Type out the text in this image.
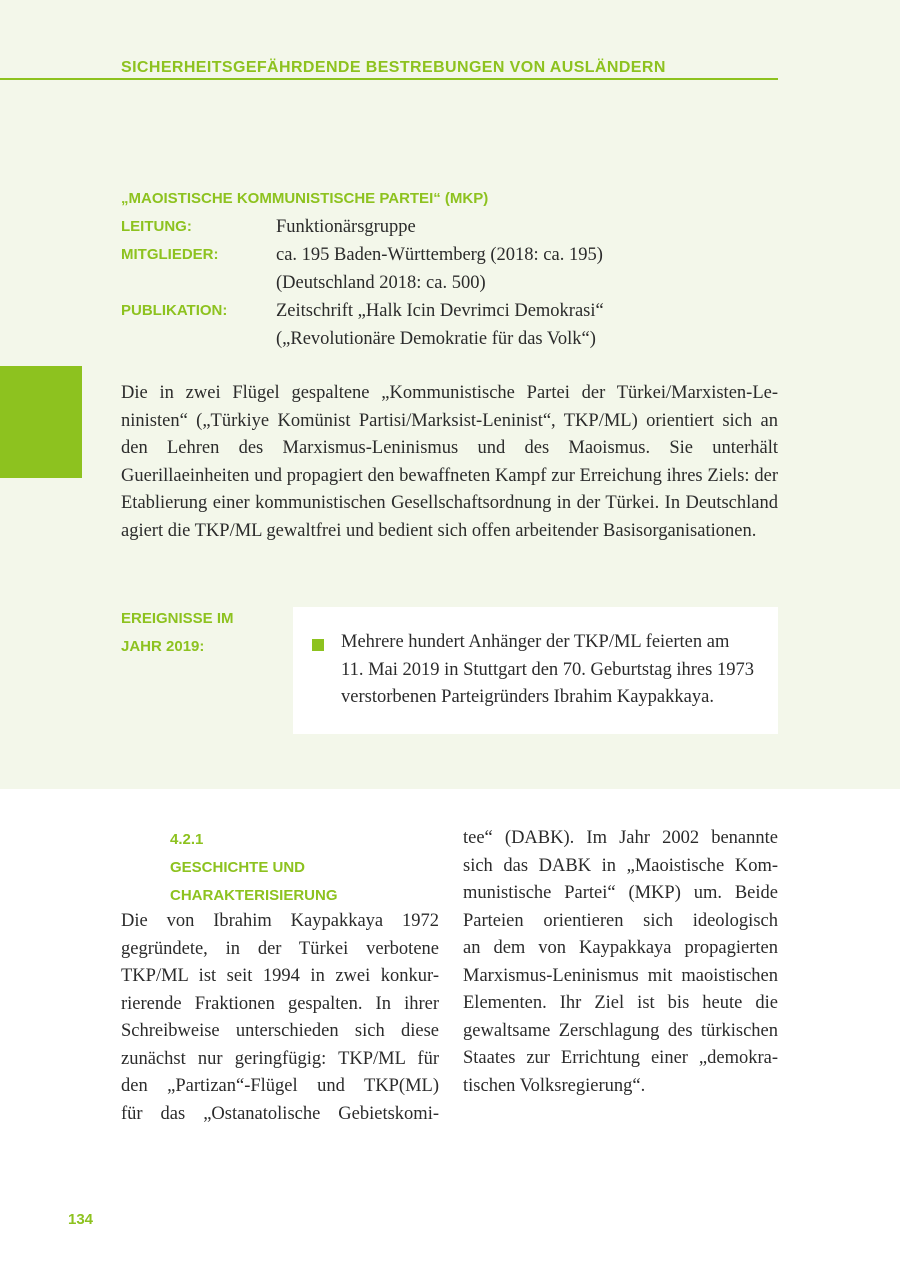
SICHERHEITSGEFÄHRDENDE BESTREBUNGEN VON AUSLÄNDERN
„MAOISTISCHE KOMMUNISTISCHE PARTEI“ (MKP)
LEITUNG:	Funktionärsgruppe
MITGLIEDER:	ca. 195 Baden-Württemberg (2018: ca. 195)
(Deutschland 2018: ca. 500)
PUBLIKATION:	Zeitschrift „Halk Icin Devrimci Demokrasi“
(„Revolutionäre Demokratie für das Volk“)

Die in zwei Flügel gespaltene „Kommunistische Partei der Türkei/Marxisten-Leninisten“ („Türkiye Komünist Partisi/Marksist-Leninist“, TKP/ML) orientiert sich an den Lehren des Marxismus-Leninismus und des Maoismus. Sie unterhält Guerillaeinheiten und propagiert den bewaffneten Kampf zur Erreichung ihres Ziels: der Etablierung einer kommunistischen Gesellschaftsordnung in der Türkei. In Deutschland agiert die TKP/ML gewaltfrei und bedient sich offen arbeitender Basisorganisationen.

EREIGNISSE IM
JAHR 2019:	Mehrere hundert Anhänger der TKP/ML feierten am
11. Mai 2019 in Stuttgart den 70. Geburtstag ihres 1973
verstorbenen Parteigründers Ibrahim Kaypakkaya.
4.2.1
GESCHICHTE UND
CHARAKTERISIERUNG
Die von Ibrahim Kaypakkaya 1972
gegründete, in der Türkei verbotene
TKP/ML ist seit 1994 in zwei konkur-
rierende Fraktionen gespalten. In ihrer
Schreibweise unterschieden sich diese
zunächst nur geringfügig: TKP/ML für
den „Partizan“-Flügel und TKP(ML)
für das „Ostanatolische Gebietskomi-
tee“ (DABK). Im Jahr 2002 benannte
sich das DABK in „Maoistische Kom-
munistische Partei“ (MKP) um. Beide
Parteien orientieren sich ideologisch
an dem von Kaypakkaya propagierten
Marxismus-Leninismus mit maoistischen
Elementen. Ihr Ziel ist bis heute die
gewaltsame Zerschlagung des türkischen
Staates zur Errichtung einer „demokra-
tischen Volksregierung“.
134
